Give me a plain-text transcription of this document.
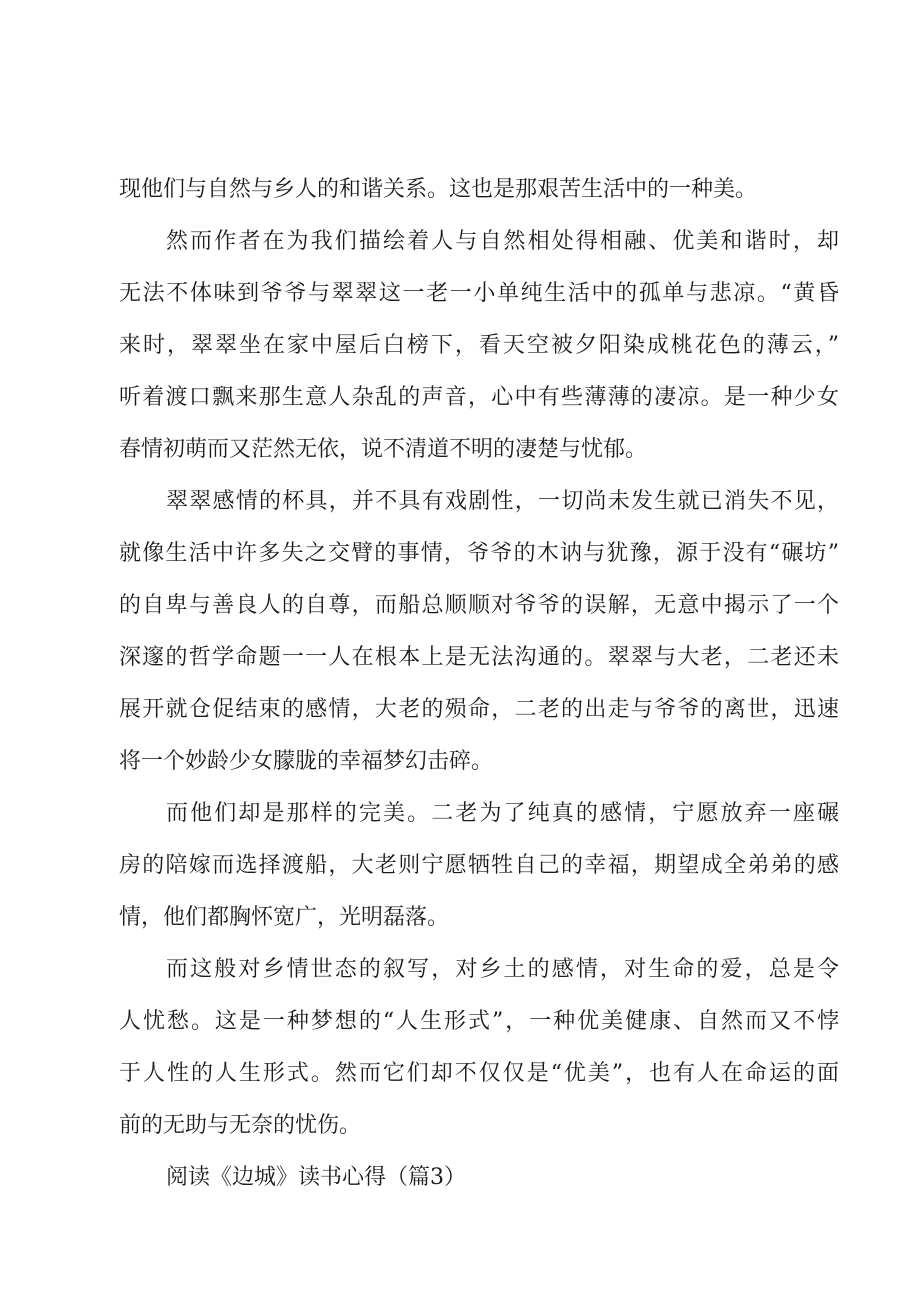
现他们与自然与乡人的和谐关系。这也是那艰苦生活中的一种美。

然而作者在为我们描绘着人与自然相处得相融、优美和谐时，却

无法不体味到爷爷与翠翠这一老一小单纯生活中的孤单与悲凉。“黄昏

来时，翠翠坐在家中屋后白榜下，看天空被夕阳染成桃花色的薄云，”

听着渡口飘来那生意人杂乱的声音，心中有些薄薄的凄凉。是一种少女

春情初萌而又茫然无依，说不清道不明的凄楚与忧郁。

翠翠感情的杯具，并不具有戏剧性，一切尚未发生就已消失不见，

就像生活中许多失之交臂的事情，爷爷的木讷与犹豫，源于没有“碾坊”

的自卑与善良人的自尊，而船总顺顺对爷爷的误解，无意中揭示了一个

深邃的哲学命题一一人在根本上是无法沟通的。翠翠与大老，二老还未

展开就仓促结束的感情，大老的殒命，二老的出走与爷爷的离世，迅速

将一个妙龄少女朦胧的幸福梦幻击碎。

而他们却是那样的完美。二老为了纯真的感情，宁愿放弃一座碾

房的陪嫁而选择渡船，大老则宁愿牺牲自己的幸福，期望成全弟弟的感

情，他们都胸怀宽广，光明磊落。

而这般对乡情世态的叙写，对乡土的感情，对生命的爱，总是令

人忧愁。这是一种梦想的“人生形式”，一种优美健康、自然而又不悖

于人性的人生形式。然而它们却不仅仅是“优美”，也有人在命运的面

前的无助与无奈的忧伤。

阅读《边城》读书心得（篇3）
